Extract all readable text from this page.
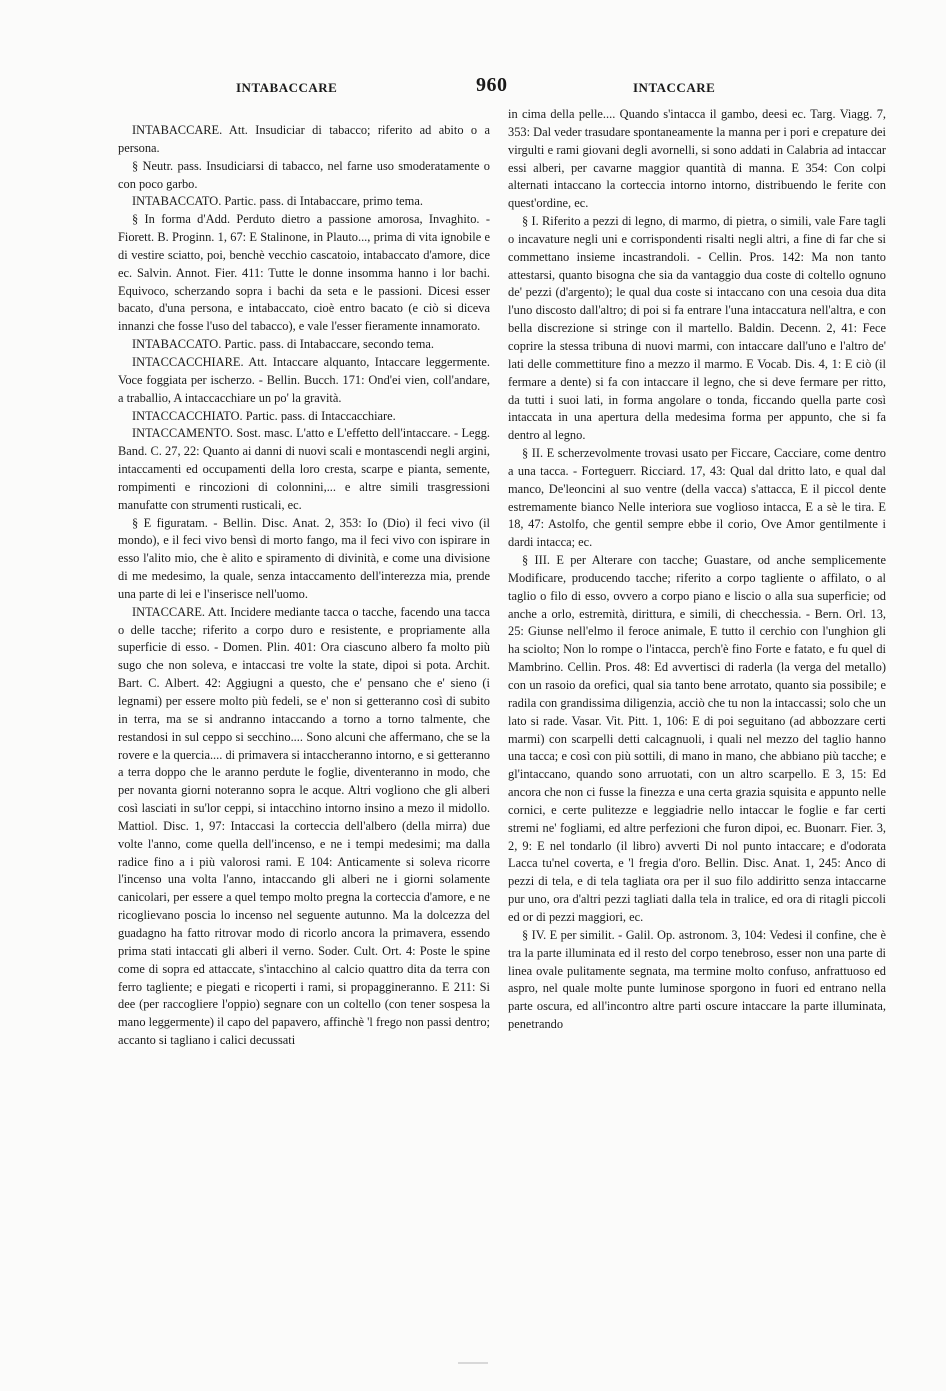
INTABACCARE	960	INTACCARE

INTABACCARE. Att. Insudiciar di tabacco; riferito ad abito o a persona.

§ Neutr. pass. Insudiciarsi di tabacco, nel farne uso smoderatamente o con poco garbo.

INTABACCATO. Partic. pass. di Intabaccare, primo tema.

§ In forma d'Add. Perduto dietro a passione amorosa, Invaghito. - Fiorett. B. Proginn. 1, 67: E Stalinone, in Plauto..., prima di vita ignobile e di vestire sciatto, poi, benchè vecchio cascatoio, intabaccato d'amore, dice ec. Salvin. Annot. Fier. 411: Tutte le donne insomma hanno i lor bachi. Equivoco, scherzando sopra i bachi da seta e le passioni. Dicesi esser bacato, d'una persona, e intabaccato, cioè entro bacato (e ciò si diceva innanzi che fosse l'uso del tabacco), e vale l'esser fieramente innamorato.

INTABACCATO. Partic. pass. di Intabaccare, secondo tema.

INTACCACCHIARE. Att. Intaccare alquanto, Intaccare leggermente. Voce foggiata per ischerzo. - Bellin. Bucch. 171: Ond'ei vien, coll'andare, a traballio, A intaccacchiare un po' la gravità.

INTACCACCHIATO. Partic. pass. di Intaccacchiare.

INTACCAMENTO. Sost. masc. L'atto e L'effetto dell'intaccare. - Legg. Band. C. 27, 22: Quanto ai danni di nuovi scali e montascendi negli argini, intaccamenti ed occupamenti della loro cresta, scarpe e pianta, semente, rompimenti e rincozioni di colonnini,... e altre simili trasgressioni manufatte con strumenti rusticali, ec.

§ E figuratam. - Bellin. Disc. Anat. 2, 353: Io (Dio) il feci vivo (il mondo), e il feci vivo bensì di morto fango, ma il feci vivo con ispirare in esso l'alito mio, che è alito e spiramento di divinità, e come una divisione di me medesimo, la quale, senza intaccamento dell'interezza mia, prende una parte di lei e l'inserisce nell'uomo.

INTACCARE. Att. Incidere mediante tacca o tacche, facendo una tacca o delle tacche; riferito a corpo duro e resistente, e propriamente alla superficie di esso. - Domen. Plin. 401: Ora ciascuno albero fa molto più sugo che non soleva, e intaccasi tre volte la state, dipoi si pota. Archit. Bart. C. Albert. 42: Aggiugni a questo, che e' pensano che e' sieno (i legnami) per essere molto più fedeli, se e' non si getteranno così di subito in terra, ma se si andranno intaccando a torno a torno talmente, che restandosi in sul ceppo si secchino.... Sono alcuni che affermano, che se la rovere e la quercia.... di primavera si intaccheranno intorno, e si getteranno a terra doppo che le aranno perdute le foglie, diventeranno in modo, che per novanta giorni noteranno sopra le acque. Altri vogliono che gli alberi così lasciati in su'lor ceppi, si intacchino intorno insino a mezo il midollo. Mattiol. Disc. 1, 97: Intaccasi la corteccia dell'albero (della mirra) due volte l'anno, come quella dell'incenso, e ne i tempi medesimi; ma dalla radice fino a i più valorosi rami. E 104: Anticamente si soleva ricorre l'incenso una volta l'anno, intaccando gli alberi ne i giorni solamente canicolari, per essere a quel tempo molto pregna la corteccia d'amore, e ne ricoglievano poscia lo incenso nel seguente autunno. Ma la dolcezza del guadagno ha fatto ritrovar modo di ricorlo ancora la primavera, essendo prima stati intaccati gli alberi il verno. Soder. Cult. Ort. 4: Poste le spine come di sopra ed attaccate, s'intacchino al calcio quattro dita da terra con ferro tagliente; e piegati e ricoperti i rami, si propaggineranno. E 211: Si dee (per raccogliere l'oppio) segnare con un coltello (con tener sospesa la mano leggermente) il capo del papavero, affinchè 'l frego non passi dentro; accanto si tagliano i calici decussati

in cima della pelle.... Quando s'intacca il gambo, deesi ec. Targ. Viagg. 7, 353: Dal veder trasudare spontaneamente la manna per i pori e crepature dei virgulti e rami giovani degli avornelli, si sono addati in Calabria ad intaccar essi alberi, per cavarne maggior quantità di manna. E 354: Con colpi alternati intaccano la corteccia intorno intorno, distribuendo le ferite con quest'ordine, ec.

§ I. Riferito a pezzi di legno, di marmo, di pietra, o simili, vale Fare tagli o incavature negli uni e corrispondenti risalti negli altri, a fine di far che si commettano insieme incastrandoli. - Cellin. Pros. 142: Ma non tanto attestarsi, quanto bisogna che sia da vantaggio dua coste di coltello ognuno de' pezzi (d'argento); le qual dua coste si intaccano con una cesoia dua dita l'uno discosto dall'altro; di poi si fa entrare l'una intaccatura nell'altra, e con bella discrezione si stringe con il martello. Baldin. Decenn. 2, 41: Fece coprire la stessa tribuna di nuovi marmi, con intaccare dall'uno e l'altro de' lati delle commettiture fino a mezzo il marmo. E Vocab. Dis. 4, 1: E ciò (il fermare a dente) si fa con intaccare il legno, che si deve fermare per ritto, da tutti i suoi lati, in forma angolare o tonda, ficcando quella parte così intaccata in una apertura della medesima forma per appunto, che si fa dentro al legno.

§ II. E scherzevolmente trovasi usato per Ficcare, Cacciare, come dentro a una tacca. - Forteguerr. Ricciard. 17, 43: Qual dal dritto lato, e qual dal manco, De'leoncini al suo ventre (della vacca) s'attacca, E il piccol dente estremamente bianco Nelle interiora sue voglioso intacca, E a sè le tira. E 18, 47: Astolfo, che gentil sempre ebbe il corio, Ove Amor gentilmente i dardi intacca; ec.

§ III. E per Alterare con tacche; Guastare, od anche semplicemente Modificare, producendo tacche; riferito a corpo tagliente o affilato, o al taglio o filo di esso, ovvero a corpo piano e liscio o alla sua superficie; od anche a orlo, estremità, dirittura, e simili, di checchessia. - Bern. Orl. 13, 25: Giunse nell'elmo il feroce animale, E tutto il cerchio con l'unghion gli ha sciolto; Non lo rompe o l'intacca, perch'è fino Forte e fatato, e fu quel di Mambrino. Cellin. Pros. 48: Ed avvertisci di raderla (la verga del metallo) con un rasoio da orefici, qual sia tanto bene arrotato, quanto sia possibile; e radila con grandissima diligenzia, acciò che tu non la intaccassi; solo che un lato si rade. Vasar. Vit. Pitt. 1, 106: E di poi seguitano (ad abbozzare certi marmi) con scarpelli detti calcagnuoli, i quali nel mezzo del taglio hanno una tacca; e così con più sottili, di mano in mano, che abbiano più tacche; e gl'intaccano, quando sono arruotati, con un altro scarpello. E 3, 15: Ed ancora che non ci fusse la finezza e una certa grazia squisita e appunto nelle cornici, e certe pulitezze e leggiadrie nello intaccar le foglie e far certi stremi ne' fogliami, ed altre perfezioni che furon dipoi, ec. Buonarr. Fier. 3, 2, 9: E nel tondarlo (il libro) avverti Di nol punto intaccare; e d'odorata Lacca tu'nel coverta, e 'l fregia d'oro. Bellin. Disc. Anat. 1, 245: Anco di pezzi di tela, e di tela tagliata ora per il suo filo addiritto senza intaccarne pur uno, ora d'altri pezzi tagliati dalla tela in tralice, ed ora di ritagli piccoli ed or di pezzi maggiori, ec.

§ IV. E per similit. - Galil. Op. astronom. 3, 104: Vedesi il confine, che è tra la parte illuminata ed il resto del corpo tenebroso, esser non una parte di linea ovale pulitamente segnata, ma termine molto confuso, anfrattuoso ed aspro, nel quale molte punte luminose sporgono in fuori ed entrano nella parte oscura, ed all'incontro altre parti oscure intaccare la parte illuminata, penetrando
